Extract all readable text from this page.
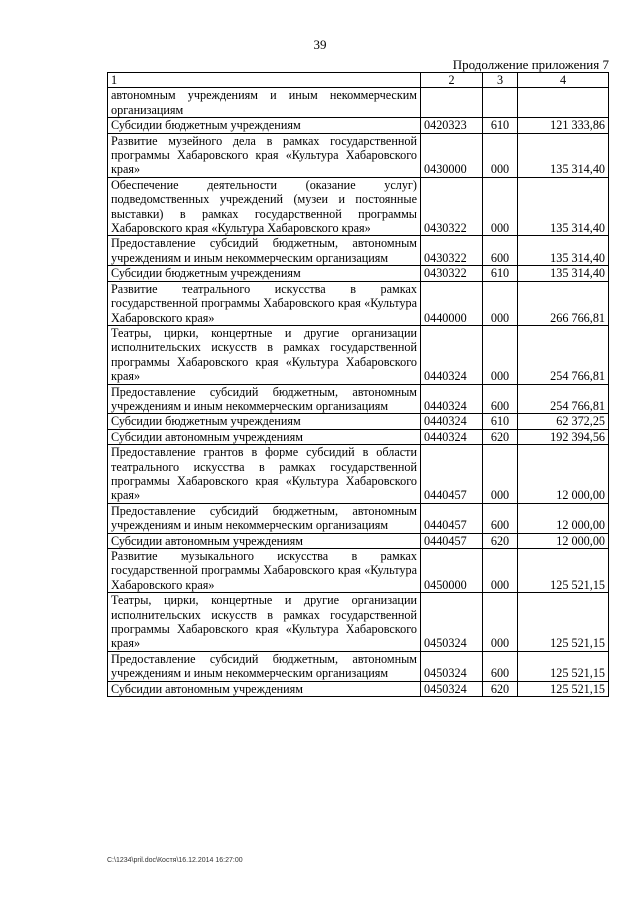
39
Продолжение приложения 7
1	2	3	4
автономным учреждениям и иным некоммерческим организациям			
Субсидии бюджетным учреждениям	0420323	610	121 333,86
Развитие музейного дела в рамках государственной программы Хабаровского края «Культура Хабаровского края»	0430000	000	135 314,40
Обеспечение деятельности (оказание услуг) подведомственных учреждений (музеи и постоянные выставки) в рамках государственной программы Хабаровского края «Культура Хабаровского края»	0430322	000	135 314,40
Предоставление субсидий бюджетным, автономным учреждениям и иным некоммерческим организациям	0430322	600	135 314,40
Субсидии бюджетным учреждениям	0430322	610	135 314,40
Развитие театрального искусства в рамках государственной программы Хабаровского края «Культура Хабаровского края»	0440000	000	266 766,81
Театры, цирки, концертные и другие организации исполнительских искусств в рамках государственной программы Хабаровского края «Культура Хабаровского края»	0440324	000	254 766,81
Предоставление субсидий бюджетным, автономным учреждениям и иным некоммерческим организациям	0440324	600	254 766,81
Субсидии бюджетным учреждениям	0440324	610	62 372,25
Субсидии автономным учреждениям	0440324	620	192 394,56
Предоставление грантов в форме субсидий в области театрального искусства в рамках государственной программы Хабаровского края «Культура Хабаровского края»	0440457	000	12 000,00
Предоставление субсидий бюджетным, автономным учреждениям и иным некоммерческим организациям	0440457	600	12 000,00
Субсидии автономным учреждениям	0440457	620	12 000,00
Развитие музыкального искусства в рамках государственной программы Хабаровского края «Культура Хабаровского края»	0450000	000	125 521,15
Театры, цирки, концертные и другие организации исполнительских искусств в рамках государственной программы Хабаровского края «Культура Хабаровского края»	0450324	000	125 521,15
Предоставление субсидий бюджетным, автономным учреждениям и иным некоммерческим организациям	0450324	600	125 521,15
Субсидии автономным учреждениям	0450324	620	125 521,15
C:\1234\pril.doc\Костя\16.12.2014 16:27:00
